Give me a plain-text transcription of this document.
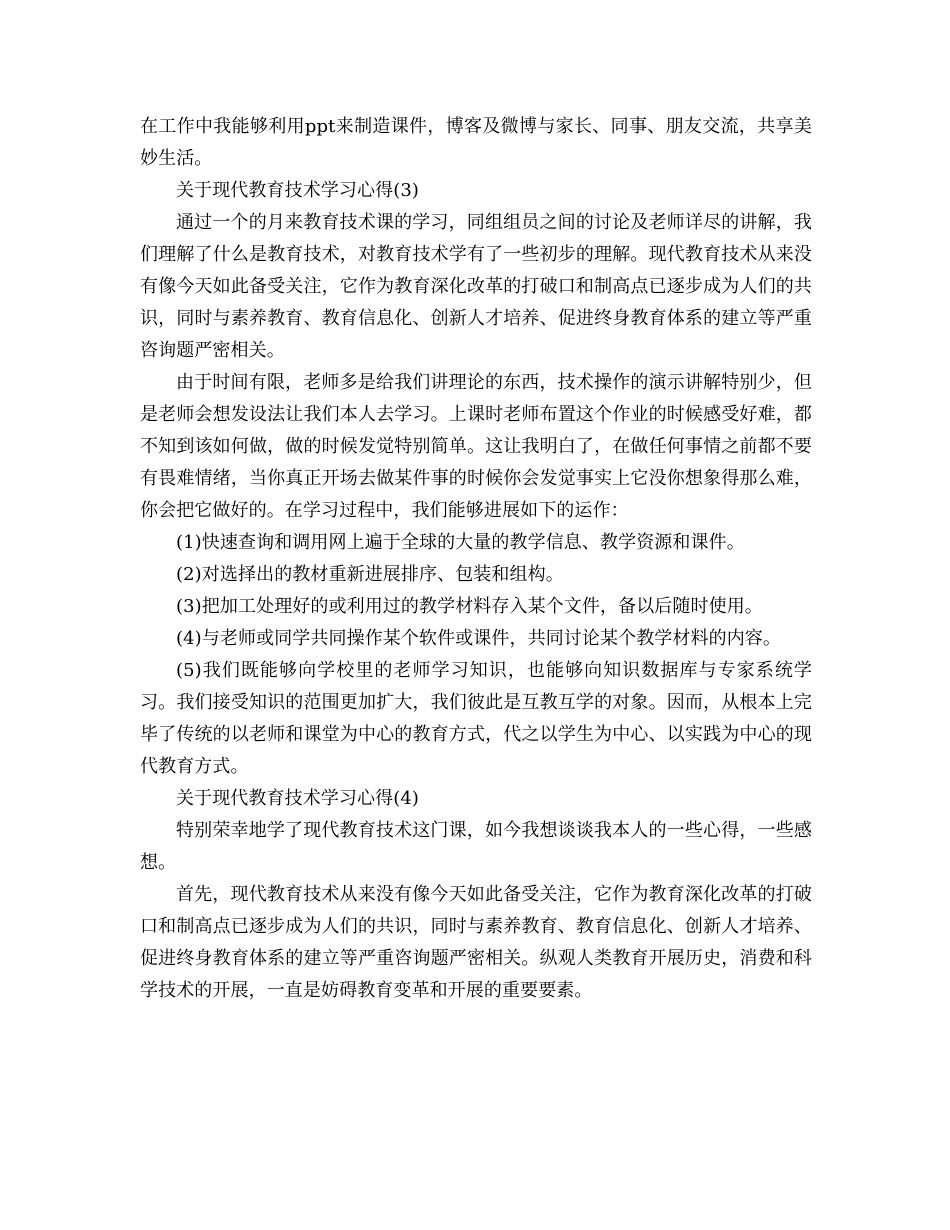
在工作中我能够利用ppt来制造课件，博客及微博与家长、同事、朋友交流，共享美妙生活。

关于现代教育技术学习心得(3)

通过一个的月来教育技术课的学习，同组组员之间的讨论及老师详尽的讲解，我们理解了什么是教育技术，对教育技术学有了一些初步的理解。现代教育技术从来没有像今天如此备受关注，它作为教育深化改革的打破口和制高点已逐步成为人们的共识，同时与素养教育、教育信息化、创新人才培养、促进终身教育体系的建立等严重咨询题严密相关。

由于时间有限，老师多是给我们讲理论的东西，技术操作的演示讲解特别少，但是老师会想发设法让我们本人去学习。上课时老师布置这个作业的时候感受好难，都不知到该如何做，做的时候发觉特别简单。这让我明白了，在做任何事情之前都不要有畏难情绪，当你真正开场去做某件事的时候你会发觉事实上它没你想象得那么难，你会把它做好的。在学习过程中，我们能够进展如下的运作：

(1)快速查询和调用网上遍于全球的大量的教学信息、教学资源和课件。

(2)对选择出的教材重新进展排序、包装和组构。

(3)把加工处理好的或利用过的教学材料存入某个文件，备以后随时使用。

(4)与老师或同学共同操作某个软件或课件，共同讨论某个教学材料的内容。

(5)我们既能够向学校里的老师学习知识，也能够向知识数据库与专家系统学习。我们接受知识的范围更加扩大，我们彼此是互教互学的对象。因而，从根本上完毕了传统的以老师和课堂为中心的教育方式，代之以学生为中心、以实践为中心的现代教育方式。

关于现代教育技术学习心得(4)

特别荣幸地学了现代教育技术这门课，如今我想谈谈我本人的一些心得，一些感想。

首先，现代教育技术从来没有像今天如此备受关注，它作为教育深化改革的打破口和制高点已逐步成为人们的共识，同时与素养教育、教育信息化、创新人才培养、促进终身教育体系的建立等严重咨询题严密相关。纵观人类教育开展历史，消费和科学技术的开展，一直是妨碍教育变革和开展的重要要素。
